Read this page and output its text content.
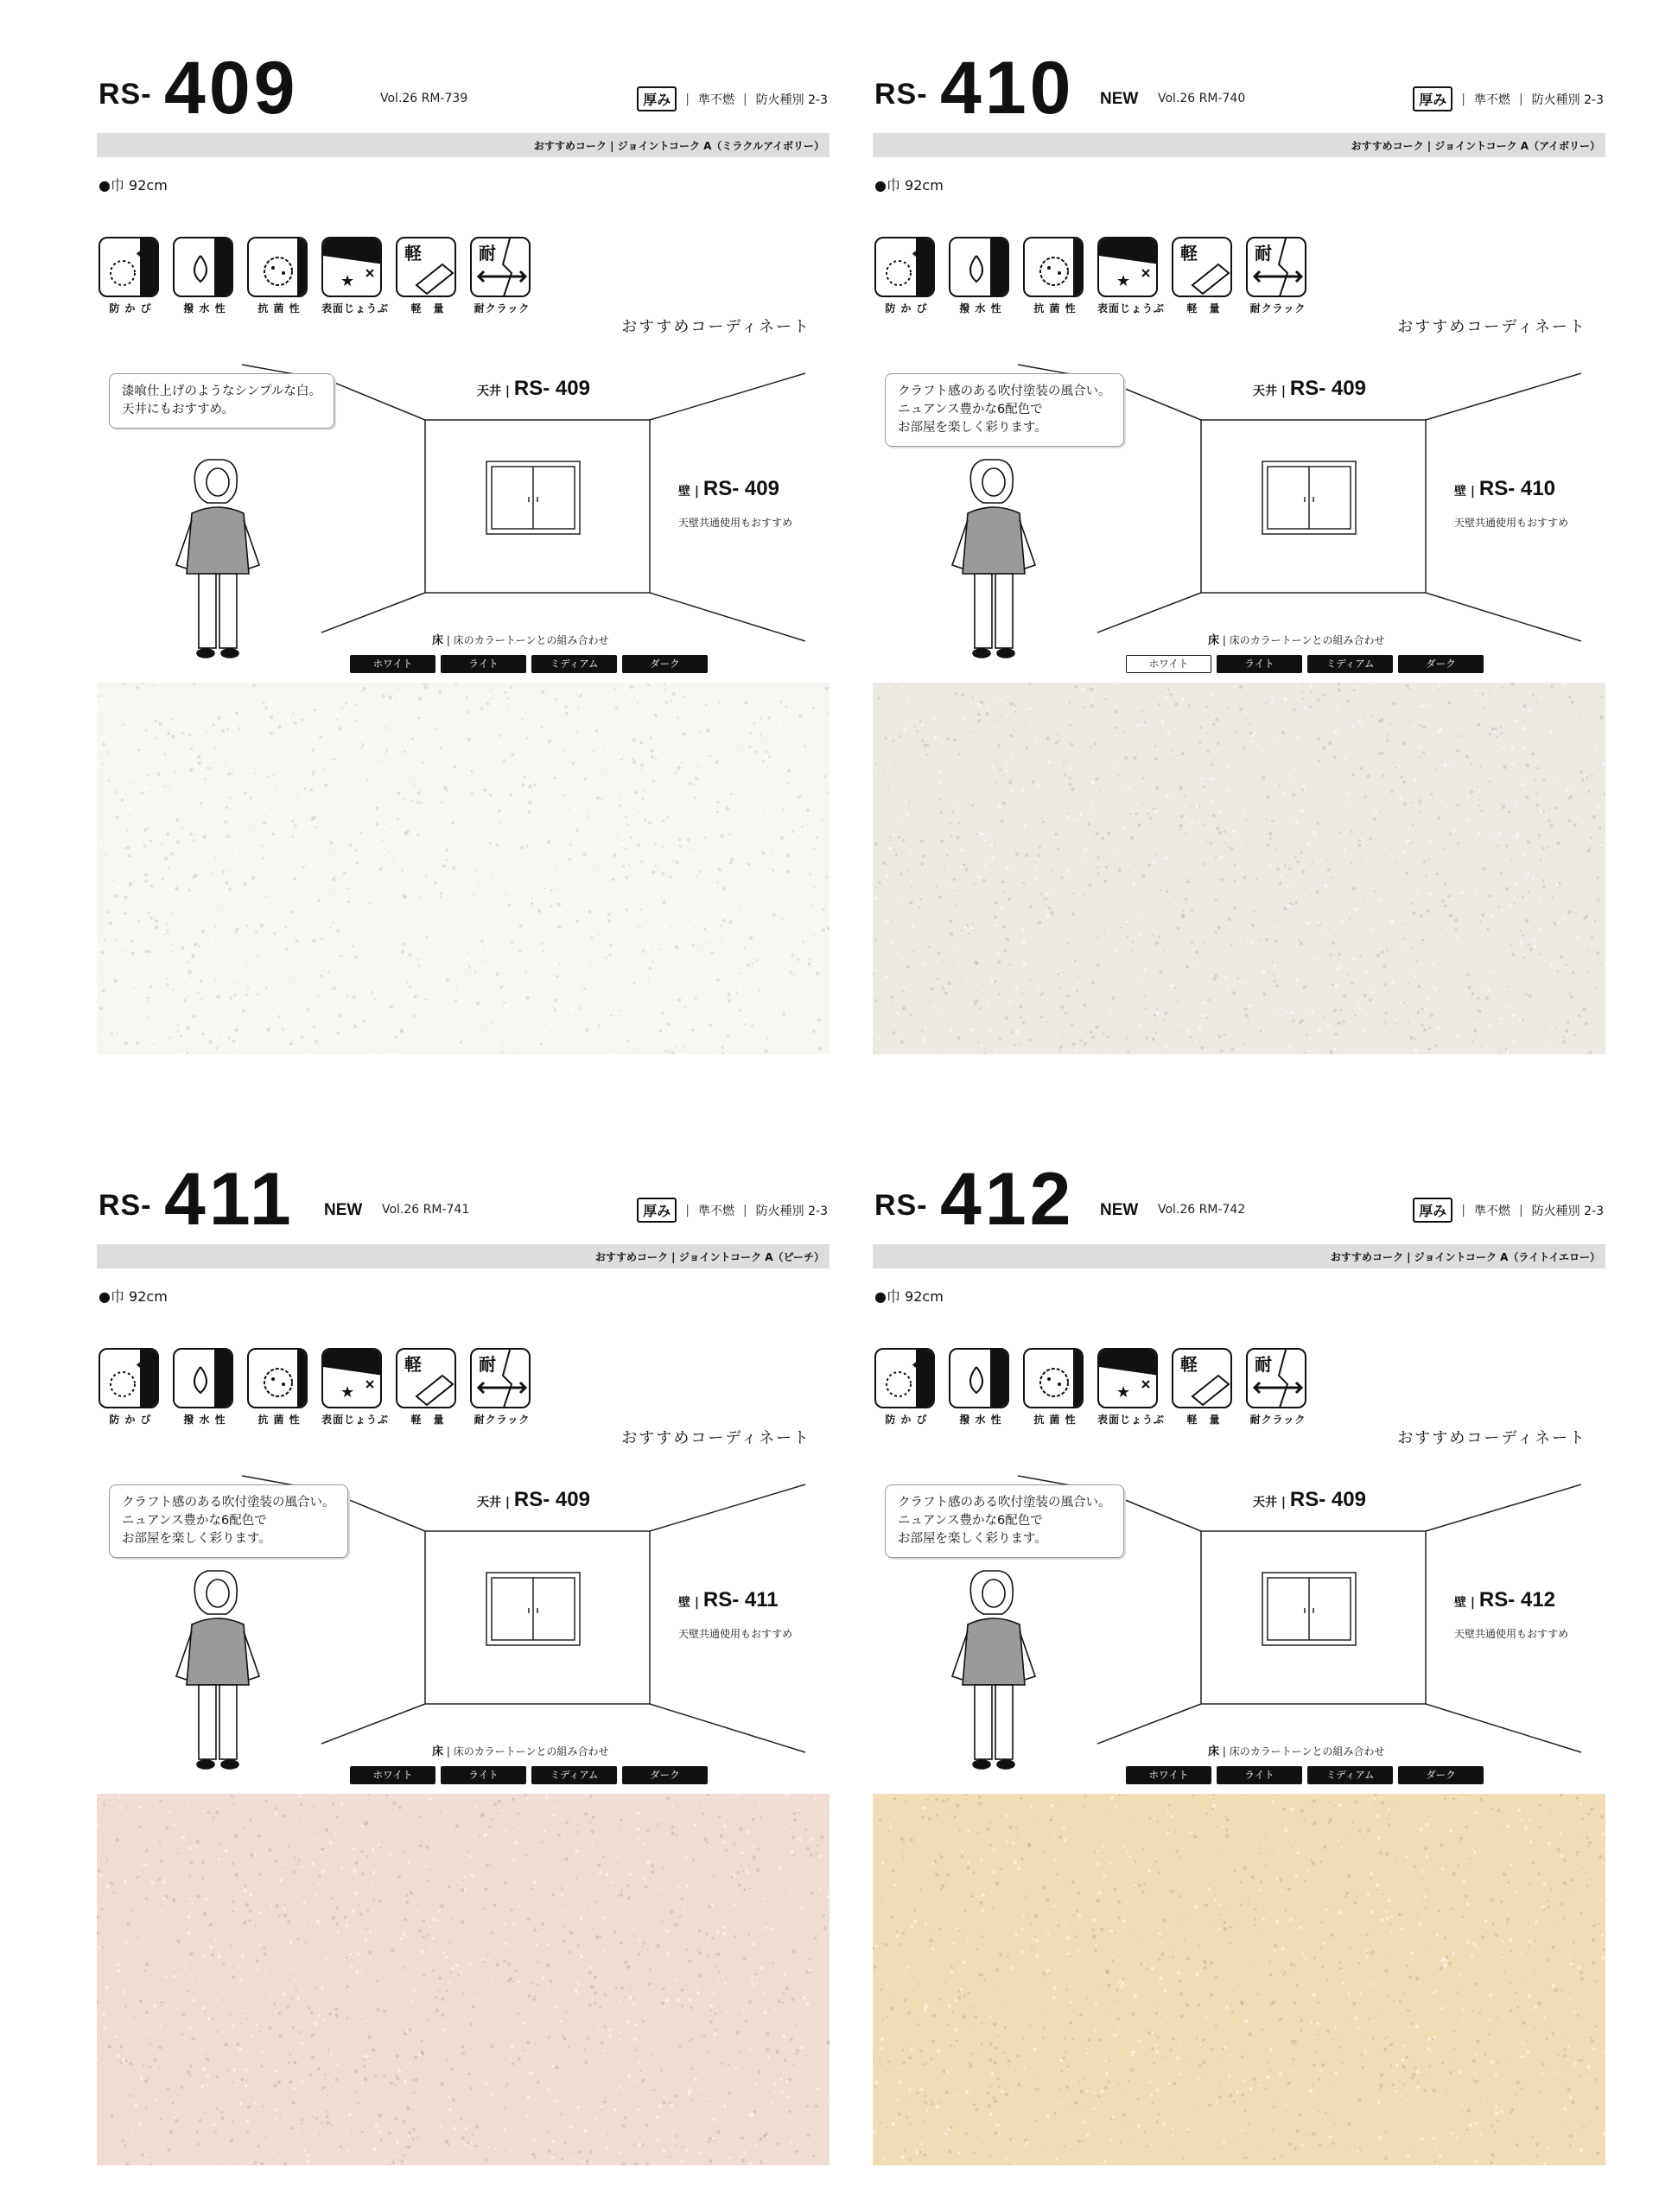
RS- 409	Vol.26 RM-739	厚み	| 準不燃 | 防火種別 2-3
おすすめコーク | ジョイントコーク A（ミラクルアイボリー）
●巾 92cm
✦
防 か び	撥 水 性	抗 菌 性
★
表面じょうぶ
軽
軽　量
耐
耐クラック
おすすめコーディネート
漆喰仕上げのようなシンプルな白。
天井にもおすすめ。
天井 | RS- 409
壁 | RS- 409
天壁共通使用もおすすめ
床 | 床のカラートーンとの組み合わせ
ホワイト	ライト	ミディアム	ダーク
RS- 410 NEW Vol.26 RM-740	厚み	| 準不燃 | 防火種別 2-3
おすすめコーク | ジョイントコーク A（アイボリー）
●巾 92cm
✦
防 か び	撥 水 性	抗 菌 性
★
表面じょうぶ
軽
軽　量
耐
耐クラック
おすすめコーディネート
クラフト感のある吹付塗装の風合い。
ニュアンス豊かな6配色で
お部屋を楽しく彩ります。
天井 | RS- 409
壁 | RS- 410
天壁共通使用もおすすめ
床 | 床のカラートーンとの組み合わせ
ホワイト	ライト	ミディアム	ダーク
RS- 411 NEW Vol.26 RM-741	厚み	| 準不燃 | 防火種別 2-3
おすすめコーク | ジョイントコーク A（ピーチ）
●巾 92cm
✦
防 か び	撥 水 性	抗 菌 性
★
表面じょうぶ
軽
軽　量
耐
耐クラック
おすすめコーディネート
クラフト感のある吹付塗装の風合い。
ニュアンス豊かな6配色で
お部屋を楽しく彩ります。
天井 | RS- 409
壁 | RS- 411
天壁共通使用もおすすめ
床 | 床のカラートーンとの組み合わせ
ホワイト	ライト	ミディアム	ダーク
RS- 412 NEW Vol.26 RM-742	厚み	| 準不燃 | 防火種別 2-3
おすすめコーク | ジョイントコーク A（ライトイエロー）
●巾 92cm
✦
防 か び	撥 水 性	抗 菌 性
★
表面じょうぶ
軽
軽　量
耐
耐クラック
おすすめコーディネート
クラフト感のある吹付塗装の風合い。
ニュアンス豊かな6配色で
お部屋を楽しく彩ります。
天井 | RS- 409
壁 | RS- 412
天壁共通使用もおすすめ
床 | 床のカラートーンとの組み合わせ
ホワイト	ライト	ミディアム	ダーク
